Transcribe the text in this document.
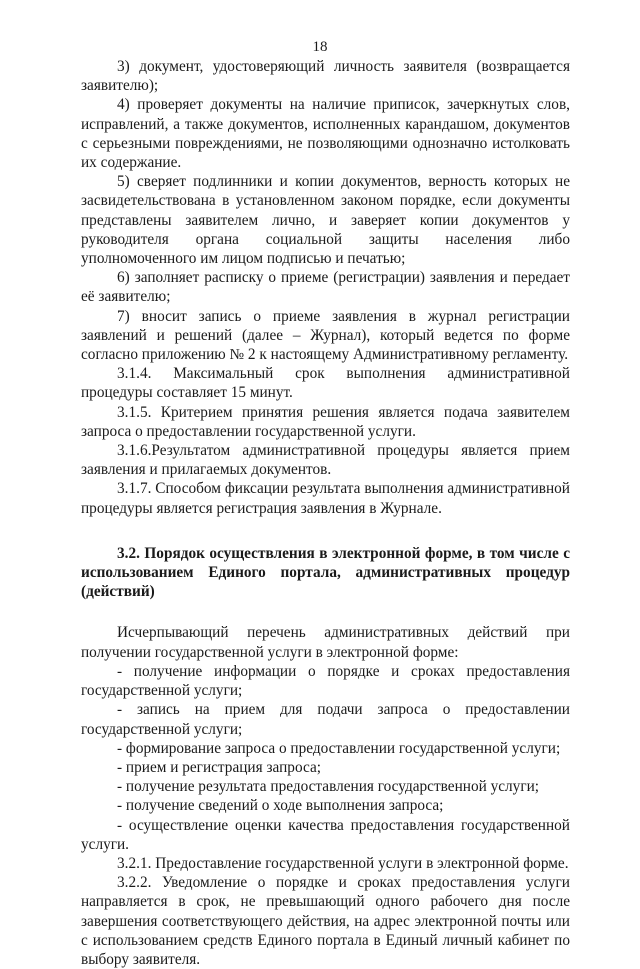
18

3) документ, удостоверяющий личность заявителя (возвращается заявителю);

4) проверяет документы на наличие приписок, зачеркнутых слов, исправлений, а также документов, исполненных карандашом, документов с серьезными повреждениями, не позволяющими однозначно истолковать их содержание.

5) сверяет подлинники и копии документов, верность которых не засвидетельствована в установленном законом порядке, если документы представлены заявителем лично, и заверяет копии документов у руководителя органа социальной защиты населения либо уполномоченного им лицом подписью и печатью;

6) заполняет расписку о приеме (регистрации) заявления и передает её заявителю;

7) вносит запись о приеме заявления в журнал регистрации заявлений и решений (далее – Журнал), который ведется по форме согласно приложению № 2 к настоящему Административному регламенту.

3.1.4. Максимальный срок выполнения административной процедуры составляет 15 минут.

3.1.5. Критерием принятия решения является подача заявителем запроса о предоставлении государственной услуги.

3.1.6.Результатом административной процедуры является прием заявления и прилагаемых документов.

3.1.7. Способом фиксации результата выполнения административной процедуры является регистрация заявления в Журнале.

3.2. Порядок осуществления в электронной форме, в том числе с использованием Единого портала, административных процедур (действий)

Исчерпывающий перечень административных действий при получении государственной услуги в электронной форме:

- получение информации о порядке и сроках предоставления государственной услуги;

- запись на прием для подачи запроса о предоставлении государственной услуги;

- формирование запроса о предоставлении государственной услуги;

- прием и регистрация запроса;

- получение результата предоставления государственной услуги;

- получение сведений о ходе выполнения запроса;

- осуществление оценки качества предоставления государственной услуги.

3.2.1. Предоставление государственной услуги в электронной форме.

3.2.2. Уведомление о порядке и сроках предоставления услуги направляется в срок, не превышающий одного рабочего дня после завершения соответствующего действия, на адрес электронной почты или с использованием средств Единого портала в Единый личный кабинет по выбору заявителя.
